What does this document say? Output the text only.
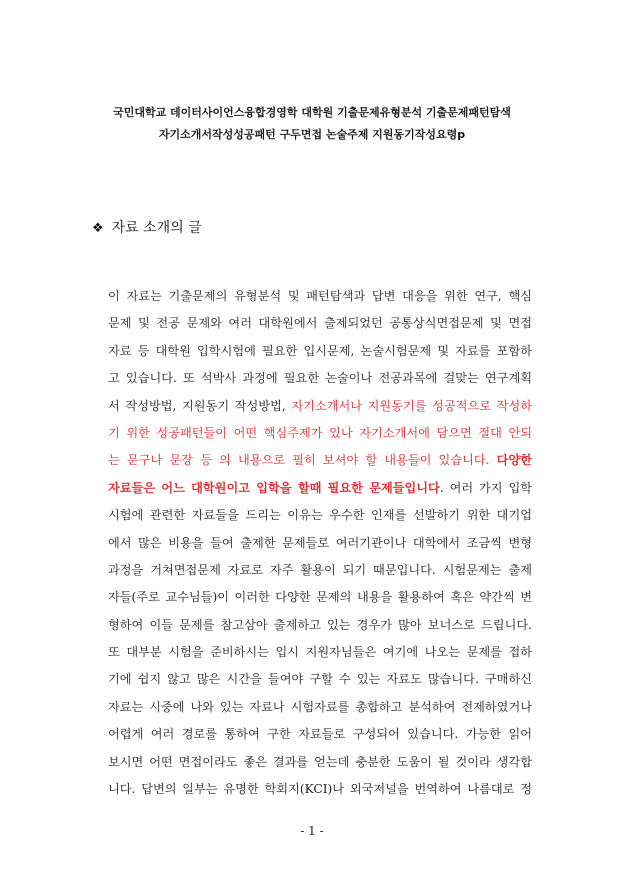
국민대학교 데이터사이언스융합경영학 대학원 기출문제유형분석 기출문제패턴탐색
자기소개서작성성공패턴 구두면접 논술주제 지원동기작성요령p
❖ 자료 소개의 글
이 자료는 기출문제의 유형분석 및 패턴탐색과 답변 대응을 위한 연구, 핵심
문제 및 전공 문제와 여러 대학원에서 출제되었던 공통상식면접문제 및 면접
자료 등 대학원 입학시험에 필요한 입시문제, 논술시험문제 및 자료를 포함하
고 있습니다. 또 석박사 과정에 필요한 논술이나 전공과목에 걸맞는 연구계획
서 작성방법, 지원동기 작성방법, 자기소개서나 지원동기를 성공적으로 작성하
기 위한 성공패턴들이 어떤 핵심주제가 있나 자기소개서에 담으면 절대 안되
는 문구나 문장 등 의 내용으로 필히 보셔야 할 내용들이 있습니다. 다양한
자료들은 어느 대학원이고 입학을 할때 필요한 문제들입니다. 여러 가지 입학
시험에 관련한 자료들을 드리는 이유는 우수한 인재를 선발하기 위한 대기업
에서 많은 비용을 들여 출제한 문제들로 여러기관이나 대학에서 조금씩 변형
과정을 거쳐면접문제 자료로 자주 활용이 되기 때문입니다. 시험문제는 출제
자들(주로 교수님들)이 이러한 다양한 문제의 내용을 활용하여 혹은 약간씩 변
형하여 이들 문제를 참고삼아 출제하고 있는 경우가 많아 보너스로 드립니다.
또 대부분 시험을 준비하시는 입시 지원자님들은 여기에 나오는 문제를 접하
기에 쉽지 않고 많은 시간을 들여야 구할 수 있는 자료도 많습니다. 구매하신
자료는 시중에 나와 있는 자료나 시험자료를 총합하고 분석하여 전제하였거나
어렵게 여러 경로를 통하여 구한 자료들로 구성되어 있습니다. 가능한 읽어
보시면 어떤 면접이라도 좋은 결과를 얻는데 충분한 도움이 될 것이라 생각합
니다. 답변의 일부는 유명한 학회지(KCI)나 외국저널을 번역하여 나름대로 정
- 1 -
